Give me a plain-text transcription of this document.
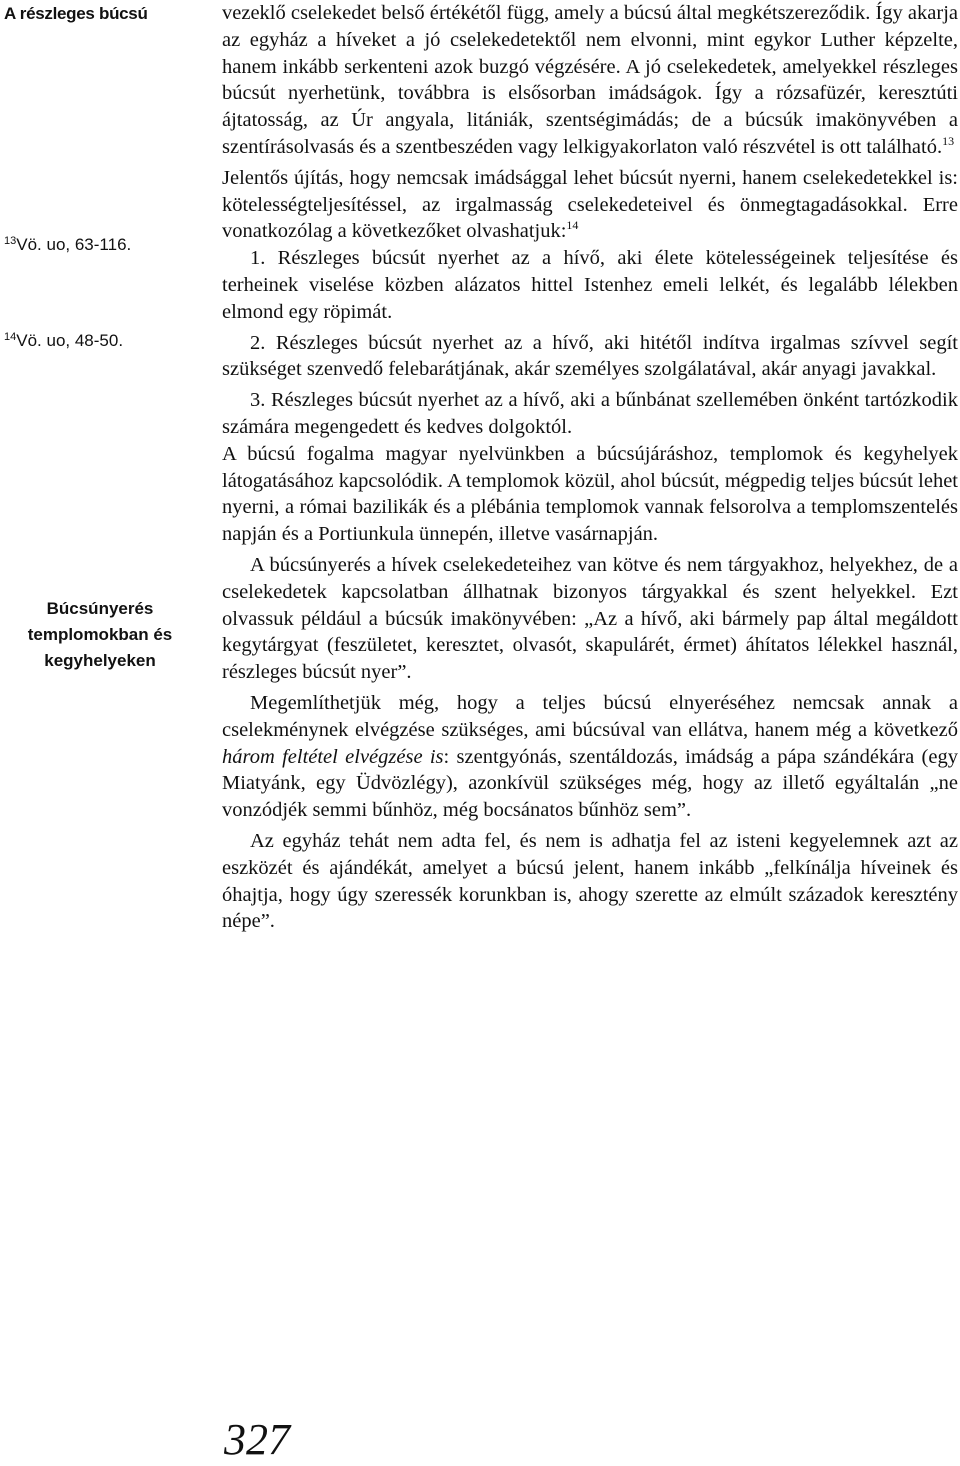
A részleges búcsú
$^{13}$Vö. uo, 63-116.
$^{14}$Vö. uo, 48-50.
Búcsúnyerés
templomokban és
kegyhelyeken

vezeklő cselekedet belső értékétől függ, amely a búcsú által megkétszereződik. Így akarja az egyház a híveket a jó cselekedetektől nem elvonni, mint egykor Luther képzelte, hanem inkább serkenteni azok buzgó végzésére. A jó cselekedetek, amelyekkel részleges búcsút nyerhetünk, továbbra is elsősorban imádságok. Így a rózsafüzér, keresztúti ájtatosság, az Úr angyala, litániák, szentségimádás; de a búcsúk imakönyvében a szentírásolvasás és a szentbeszéden vagy lelkigyakorlaton való részvétel is ott található.$^{13}$

Jelentős újítás, hogy nemcsak imádsággal lehet búcsút nyerni, hanem cselekedetekkel is: kötelességteljesítéssel, az irgalmasság cselekedeteivel és önmegtagadásokkal. Erre vonatkozólag a következőket olvashatjuk:$^{14}$

1. Részleges búcsút nyerhet az a hívő, aki élete kötelességeinek teljesítése és terheinek viselése közben alázatos hittel Istenhez emeli lelkét, és legalább lélekben elmond egy röpimát.

2. Részleges búcsút nyerhet az a hívő, aki hitétől indítva irgalmas szívvel segít szükséget szenvedő felebarátjának, akár személyes szolgálatával, akár anyagi javakkal.

3. Részleges búcsút nyerhet az a hívő, aki a bűnbánat szellemében önként tartózkodik számára megengedett és kedves dolgoktól.

A búcsú fogalma magyar nyelvünkben a búcsújáráshoz, templomok és kegyhelyek látogatásához kapcsolódik. A templomok közül, ahol búcsút, mégpedig teljes búcsút lehet nyerni, a római bazilikák és a plébánia templomok vannak felsorolva a templomszentelés napján és a Portiunkula ünnepén, illetve vasárnapján.

A búcsúnyerés a hívek cselekedeteihez van kötve és nem tárgyakhoz, helyekhez, de a cselekedetek kapcsolatban állhatnak bizonyos tárgyakkal és szent helyekkel. Ezt olvassuk például a búcsúk imakönyvében: „Az a hívő, aki bármely pap által megáldott kegytárgyat (feszületet, keresztet, olvasót, skapulárét, érmet) áhítatos lélekkel használ, részleges búcsút nyer”.

Megemlíthetjük még, hogy a teljes búcsú elnyeréséhez nemcsak annak a cselekménynek elvégzése szükséges, ami búcsúval van ellátva, hanem még a következő három feltétel elvégzése is: szentgyónás, szentáldozás, imádság a pápa szándékára (egy Miatyánk, egy Üdvözlégy), azonkívül szükséges még, hogy az illető egyáltalán „ne vonzódjék semmi bűnhöz, még bocsánatos bűnhöz sem”.

Az egyház tehát nem adta fel, és nem is adhatja fel az isteni kegyelemnek azt az eszközét és ajándékát, amelyet a búcsú jelent, hanem inkább „felkínálja híveinek és óhajtja, hogy úgy szeressék korunkban is, ahogy szerette az elmúlt századok keresztény népe”.

327
